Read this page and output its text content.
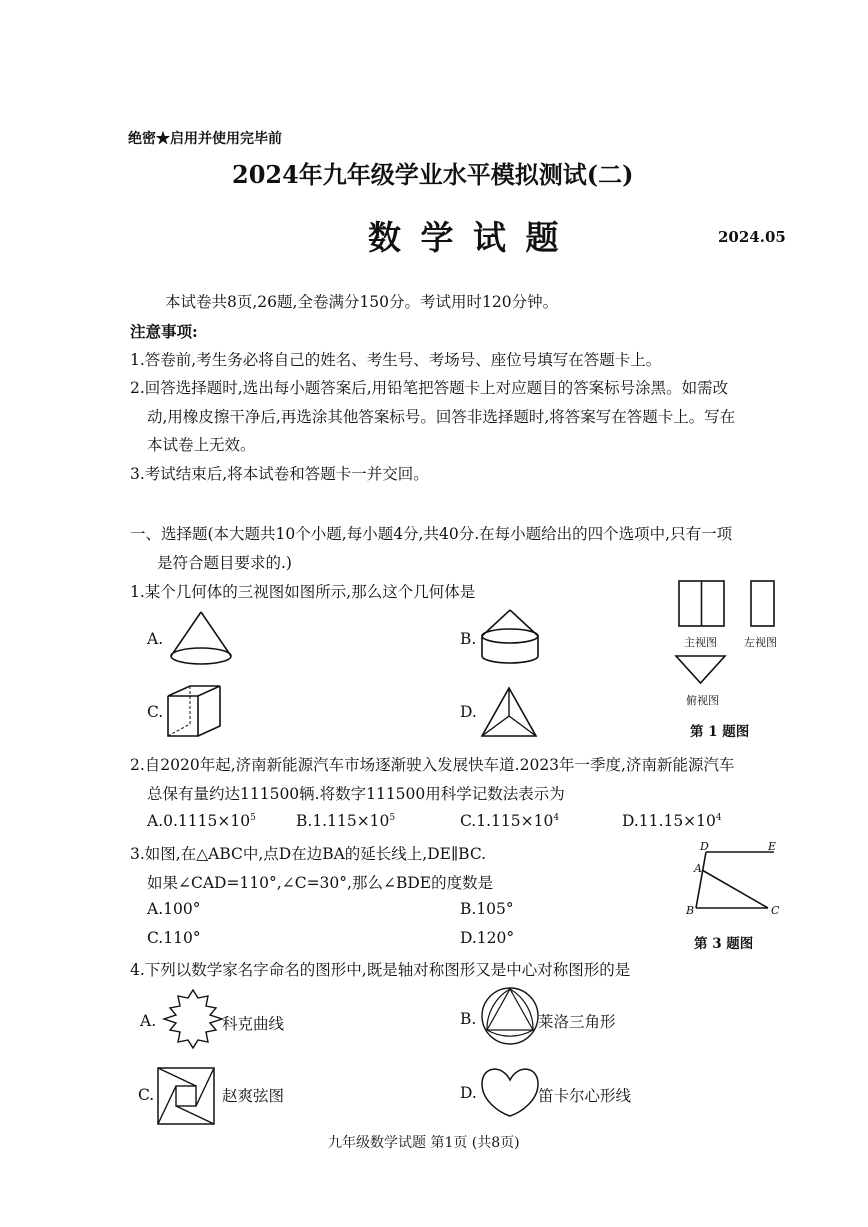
绝密★启用并使用完毕前
2024年九年级学业水平模拟测试(二)
数 学 试 题	2024.05
本试卷共8页,26题,全卷满分150分。考试用时120分钟。
注意事项:
1.答卷前,考生务必将自己的姓名、考生号、考场号、座位号填写在答题卡上。
2.回答选择题时,选出每小题答案后,用铅笔把答题卡上对应题目的答案标号涂黑。如需改
动,用橡皮擦干净后,再选涂其他答案标号。回答非选择题时,将答案写在答题卡上。写在
本试卷上无效。
3.考试结束后,将本试卷和答题卡一并交回。
一、选择题(本大题共10个小题,每小题4分,共40分.在每小题给出的四个选项中,只有一项
是符合题目要求的.)
1.某个几何体的三视图如图所示,那么这个几何体是
A.	B.
C.	D.
主视图 左视图
俯视图
第 1 题图
2.自2020年起,济南新能源汽车市场逐渐驶入发展快车道.2023年一季度,济南新能源汽车
总保有量约达111500辆.将数字111500用科学记数法表示为
$A.0.1115\times 10^5$	$B.1.115\times 10^5$	$C.1.115\times 10^4$	$D.11.15\times 10^4$
3.如图,在△ABC中,点D在边BA的延长线上,DE∥BC.
如果∠CAD=110°,∠C=30°,那么∠BDE的度数是
A.100°	B.105°
C.110°	D.120°
D	E
A
B	C
第 3 题图
4.下列以数学家名字命名的图形中,既是轴对称图形又是中心对称图形的是
A.	科克曲线	B.	莱洛三角形
C.	赵爽弦图	D.	笛卡尔心形线
九年级数学试题 第1页 (共8页)
